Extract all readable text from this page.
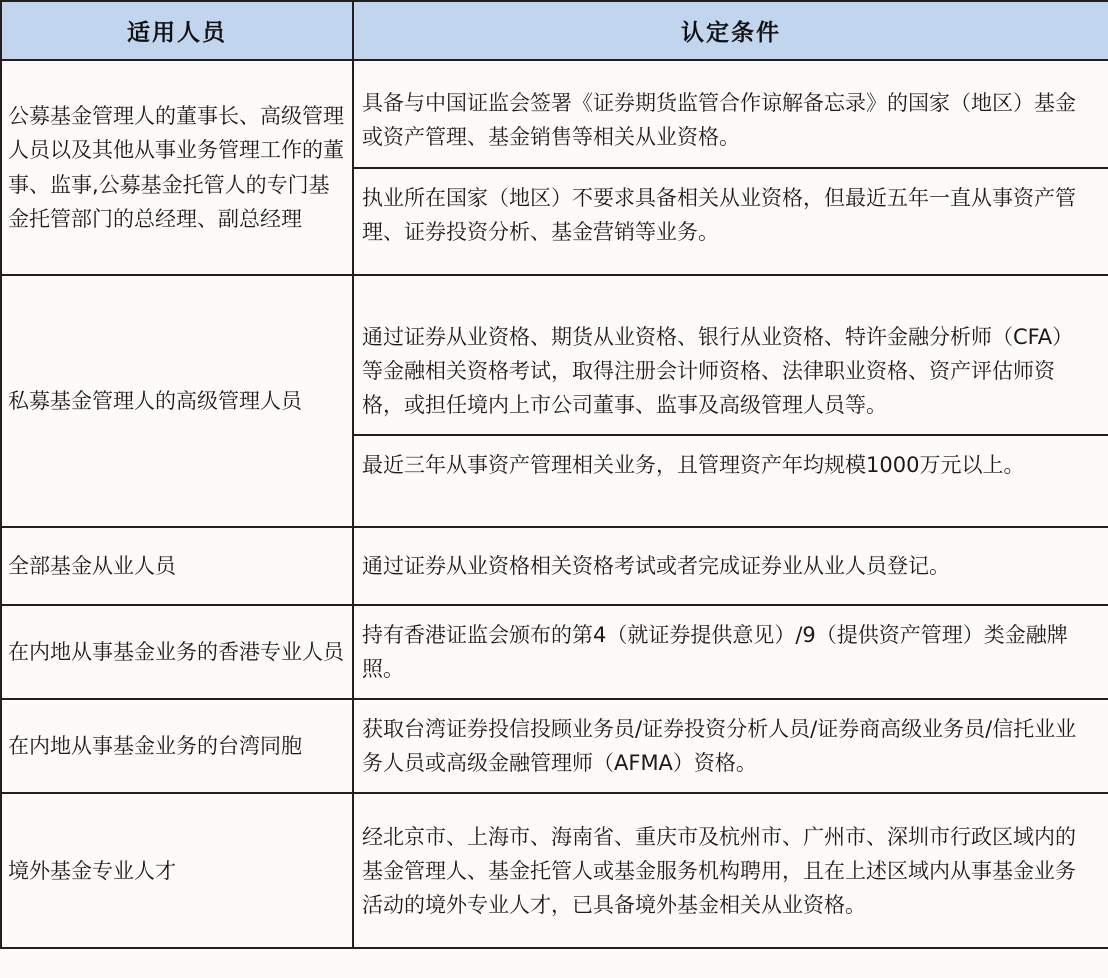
适用人员	认定条件
公募基金管理人的董事长、高级管理人员以及其他从事业务管理工作的董事、监事,公募基金托管人的专门基金托管部门的总经理、副总经理	具备与中国证监会签署《证券期货监管合作谅解备忘录》的国家（地区）基金或资产管理、基金销售等相关从业资格。
执业所在国家（地区）不要求具备相关从业资格，但最近五年一直从事资产管理、证券投资分析、基金营销等业务。

私募基金管理人的高级管理人员	通过证券从业资格、期货从业资格、银行从业资格、特许金融分析师（CFA）等金融相关资格考试，取得注册会计师资格、法律职业资格、资产评估师资格，或担任境内上市公司董事、监事及高级管理人员等。
最近三年从事资产管理相关业务，且管理资产年均规模1000万元以上。

全部基金从业人员	通过证券从业资格相关资格考试或者完成证券业从业人员登记。
在内地从事基金业务的香港专业人员	持有香港证监会颁布的第4（就证券提供意见）/9（提供资产管理）类金融牌照。
在内地从事基金业务的台湾同胞	获取台湾证券投信投顾业务员/证券投资分析人员/证券商高级业务员/信托业业务人员或高级金融管理师（AFMA）资格。
境外基金专业人才	经北京市、上海市、海南省、重庆市及杭州市、广州市、深圳市行政区域内的基金管理人、基金托管人或基金服务机构聘用，且在上述区域内从事基金业务活动的境外专业人才，已具备境外基金相关从业资格。
